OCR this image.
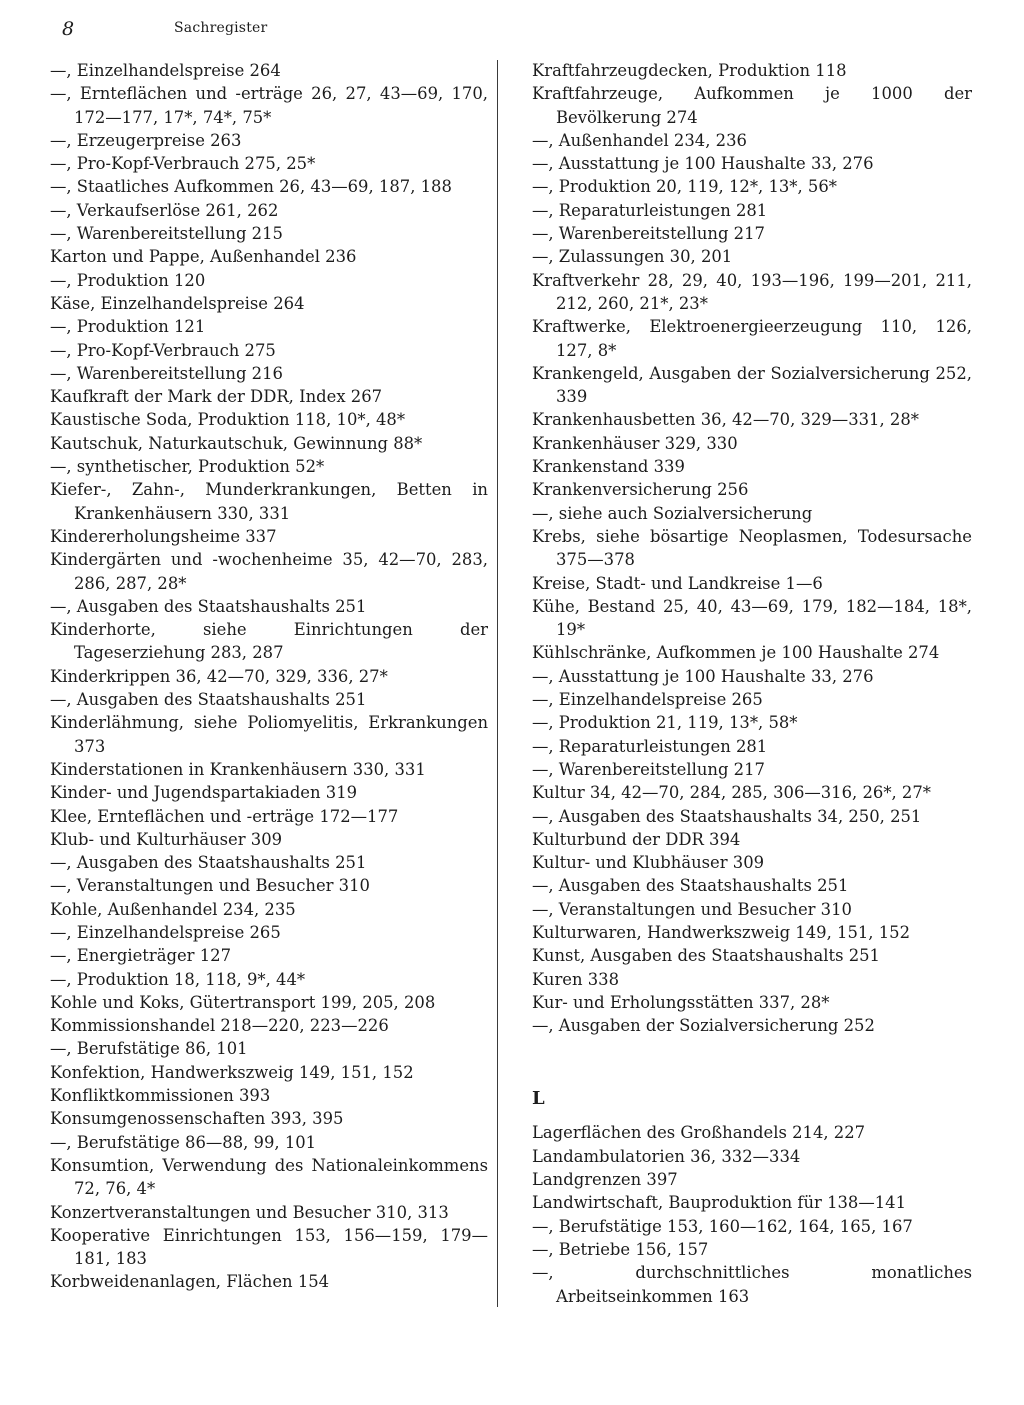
8	Sachregister
—, Einzelhandelspreise 264
—, Ernteflächen und -erträge 26, 27, 43—69, 170, 172—177, 17*, 74*, 75*
—, Erzeugerpreise 263
—, Pro-Kopf-Verbrauch 275, 25*
—, Staatliches Aufkommen 26, 43—69, 187, 188
—, Verkaufserlöse 261, 262
—, Warenbereitstellung 215
Karton und Pappe, Außenhandel 236
—, Produktion 120
Käse, Einzelhandelspreise 264
—, Produktion 121
—, Pro-Kopf-Verbrauch 275
—, Warenbereitstellung 216
Kaufkraft der Mark der DDR, Index 267
Kaustische Soda, Produktion 118, 10*, 48*
Kautschuk, Naturkautschuk, Gewinnung 88*
—, synthetischer, Produktion 52*
Kiefer-, Zahn-, Munderkrankungen, Betten in Krankenhäusern 330, 331
Kindererholungsheime 337
Kindergärten und -wochenheime 35, 42—70, 283, 286, 287, 28*
—, Ausgaben des Staatshaushalts 251
Kinderhorte, siehe Einrichtungen der Tageserziehung 283, 287
Kinderkrippen 36, 42—70, 329, 336, 27*
—, Ausgaben des Staatshaushalts 251
Kinderlähmung, siehe Poliomyelitis, Erkrankungen 373
Kinderstationen in Krankenhäusern 330, 331
Kinder- und Jugendspartakiaden 319
Klee, Ernteflächen und -erträge 172—177
Klub- und Kulturhäuser 309
—, Ausgaben des Staatshaushalts 251
—, Veranstaltungen und Besucher 310
Kohle, Außenhandel 234, 235
—, Einzelhandelspreise 265
—, Energieträger 127
—, Produktion 18, 118, 9*, 44*
Kohle und Koks, Gütertransport 199, 205, 208
Kommissionshandel 218—220, 223—226
—, Berufstätige 86, 101
Konfektion, Handwerkszweig 149, 151, 152
Konfliktkommissionen 393
Konsumgenossenschaften 393, 395
—, Berufstätige 86—88, 99, 101
Konsumtion, Verwendung des Nationaleinkommens 72, 76, 4*
Konzertveranstaltungen und Besucher 310, 313
Kooperative Einrichtungen 153, 156—159, 179—181, 183
Korbweidenanlagen, Flächen 154
Kraftfahrzeugdecken, Produktion 118
Kraftfahrzeuge, Aufkommen je 1000 der Bevölkerung 274
—, Außenhandel 234, 236
—, Ausstattung je 100 Haushalte 33, 276
—, Produktion 20, 119, 12*, 13*, 56*
—, Reparaturleistungen 281
—, Warenbereitstellung 217
—, Zulassungen 30, 201
Kraftverkehr 28, 29, 40, 193—196, 199—201, 211, 212, 260, 21*, 23*
Kraftwerke, Elektroenergieerzeugung 110, 126, 127, 8*
Krankengeld, Ausgaben der Sozialversicherung 252, 339
Krankenhausbetten 36, 42—70, 329—331, 28*
Krankenhäuser 329, 330
Krankenstand 339
Krankenversicherung 256
—, siehe auch Sozialversicherung
Krebs, siehe bösartige Neoplasmen, Todesursache 375—378
Kreise, Stadt- und Landkreise 1—6
Kühe, Bestand 25, 40, 43—69, 179, 182—184, 18*, 19*
Kühlschränke, Aufkommen je 100 Haushalte 274
—, Ausstattung je 100 Haushalte 33, 276
—, Einzelhandelspreise 265
—, Produktion 21, 119, 13*, 58*
—, Reparaturleistungen 281
—, Warenbereitstellung 217
Kultur 34, 42—70, 284, 285, 306—316, 26*, 27*
—, Ausgaben des Staatshaushalts 34, 250, 251
Kulturbund der DDR 394
Kultur- und Klubhäuser 309
—, Ausgaben des Staatshaushalts 251
—, Veranstaltungen und Besucher 310
Kulturwaren, Handwerkszweig 149, 151, 152
Kunst, Ausgaben des Staatshaushalts 251
Kuren 338
Kur- und Erholungsstätten 337, 28*
—, Ausgaben der Sozialversicherung 252
L
Lagerflächen des Großhandels 214, 227
Landambulatorien 36, 332—334
Landgrenzen 397
Landwirtschaft, Bauproduktion für 138—141
—, Berufstätige 153, 160—162, 164, 165, 167
—, Betriebe 156, 157
—, durchschnittliches monatliches Arbeitseinkommen 163
